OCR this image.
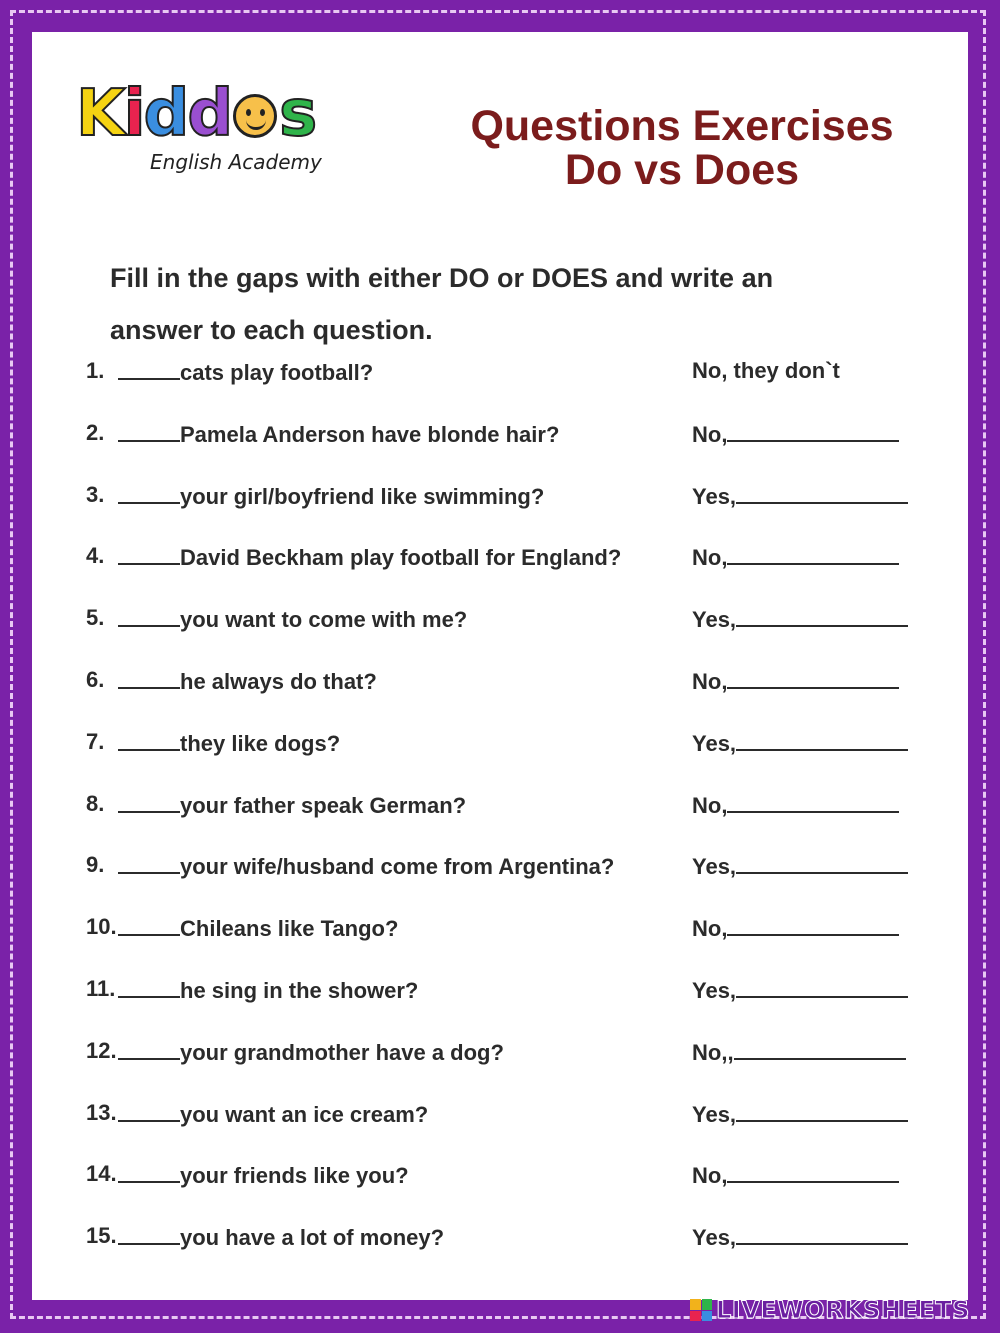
K i d d s
English Academy
Questions Exercises
Do vs Does
Fill in the gaps with either DO or DOES and write an answer to each question.
1.	cats play football?	No, they don`t
2.	Pamela Anderson have blonde hair?	No,
3.	your girl/boyfriend like swimming?	Yes,
4.	David Beckham play football for England?	No,
5.	you want to come with me?	Yes,
6.	he always do that?	No,
7.	they like dogs?	Yes,
8.	your father speak German?	No,
9.	your wife/husband come from Argentina?	Yes,
10.	Chileans like Tango?	No,
11.	he sing in the shower?	Yes,
12.	your grandmother have a dog?	No,,
13.	you want an ice cream?	Yes,
14.	your friends like you?	No,
15.	you have a lot of money?	Yes,
LIVEWORKSHEETS
